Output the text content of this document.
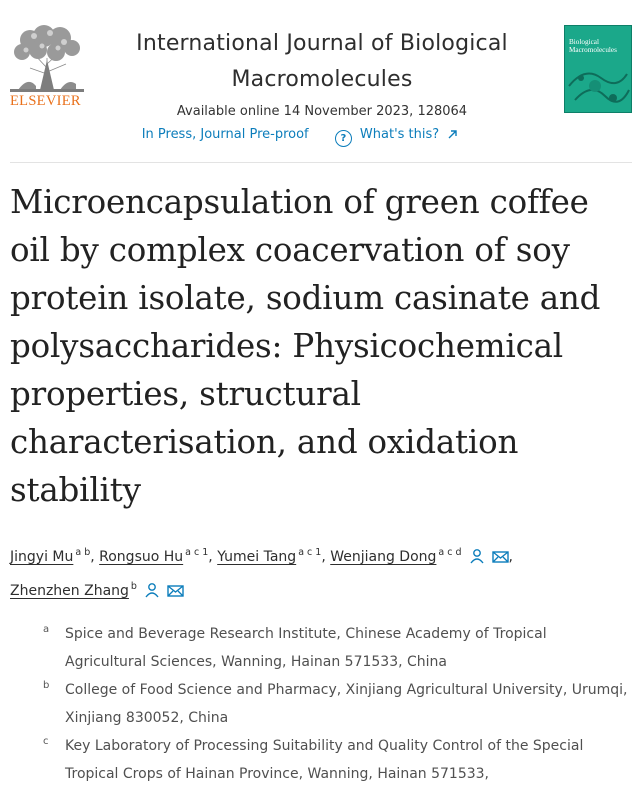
ELSEVIER
International Journal of Biological Macromolecules
Available online 14 November 2023, 128064
In Press, Journal Pre-proof	? What's this?
Biological
Macromolecules
Microencapsulation of green coffee oil by complex coacervation of soy protein isolate, sodium casinate and polysaccharides: Physicochemical properties, structural characterisation, and oxidation stability
Jingyi Mu $^{a b}$, Rongsuo Hu $^{a c 1}$, Yumei Tang $^{a c 1}$, Wenjiang Dong $^{a c d}$	,
Zhenzhen Zhang $^b$
a Spice and Beverage Research Institute, Chinese Academy of Tropical Agricultural Sciences, Wanning, Hainan 571533, China
b College of Food Science and Pharmacy, Xinjiang Agricultural University, Urumqi, Xinjiang 830052, China
c Key Laboratory of Processing Suitability and Quality Control of the Special Tropical Crops of Hainan Province, Wanning, Hainan 571533,
